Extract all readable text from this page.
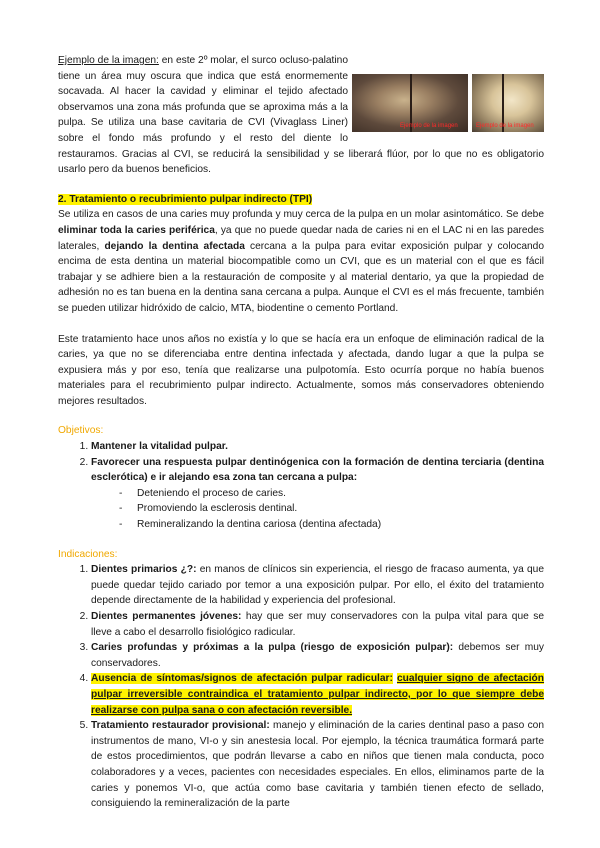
Ejemplo de la imagen	Ejemplo de la imagen

Ejemplo de la imagen: en este 2º molar, el surco ocluso-palatino tiene un área muy oscura que indica que está enormemente socavada. Al hacer la cavidad y eliminar el tejido afectado observamos una zona más profunda que se aproxima más a la pulpa. Se utiliza una base cavitaria de CVI (Vivaglass Liner) sobre el fondo más profundo y el resto del diente lo restauramos. Gracias al CVI, se reducirá la sensibilidad y se liberará flúor, por lo que no es obligatorio usarlo pero da buenos beneficios.

2. Tratamiento o recubrimiento pulpar indirecto (TPI)

Se utiliza en casos de una caries muy profunda y muy cerca de la pulpa en un molar asintomático. Se debe eliminar toda la caries periférica, ya que no puede quedar nada de caries ni en el LAC ni en las paredes laterales, dejando la dentina afectada cercana a la pulpa para evitar exposición pulpar y colocando encima de esta dentina un material biocompatible como un CVI, que es un material con el que es fácil trabajar y se adhiere bien a la restauración de composite y al material dentario, ya que la propiedad de adhesión no es tan buena en la dentina sana cercana a pulpa. Aunque el CVI es el más frecuente, también se pueden utilizar hidróxido de calcio, MTA, biodentine o cemento Portland.

Este tratamiento hace unos años no existía y lo que se hacía era un enfoque de eliminación radical de la caries, ya que no se diferenciaba entre dentina infectada y afectada, dando lugar a que la pulpa se expusiera más y por eso, tenía que realizarse una pulpotomía. Esto ocurría porque no había buenos materiales para el recubrimiento pulpar indirecto. Actualmente, somos más conservadores obteniendo mejores resultados.

Objetivos:
1. Mantener la vitalidad pulpar.
2. Favorecer una respuesta pulpar dentinógenica con la formación de dentina terciaria (dentina esclerótica) e ir alejando esa zona tan cercana a pulpa:
- Deteniendo el proceso de caries.
- Promoviendo la esclerosis dentinal.
- Remineralizando la dentina cariosa (dentina afectada)
Indicaciones:
1. Dientes primarios ¿?: en manos de clínicos sin experiencia, el riesgo de fracaso aumenta, ya que puede quedar tejido cariado por temor a una exposición pulpar. Por ello, el éxito del tratamiento depende directamente de la habilidad y experiencia del profesional.
2. Dientes permanentes jóvenes: hay que ser muy conservadores con la pulpa vital para que se lleve a cabo el desarrollo fisiológico radicular.
3. Caries profundas y próximas a la pulpa (riesgo de exposición pulpar): debemos ser muy conservadores.
4. Ausencia de síntomas/signos de afectación pulpar radicular: cualquier signo de afectación pulpar irreversible contraindica el tratamiento pulpar indirecto, por lo que siempre debe realizarse con pulpa sana o con afectación reversible.
5. Tratamiento restaurador provisional: manejo y eliminación de la caries dentinal paso a paso con instrumentos de mano, VI-o y sin anestesia local. Por ejemplo, la técnica traumática formará parte de estos procedimientos, que podrán llevarse a cabo en niños que tienen mala conducta, poco colaboradores y a veces, pacientes con necesidades especiales. En ellos, eliminamos parte de la caries y ponemos VI-o, que actúa como base cavitaria y también tienen efecto de sellado, consiguiendo la remineralización de la parte
